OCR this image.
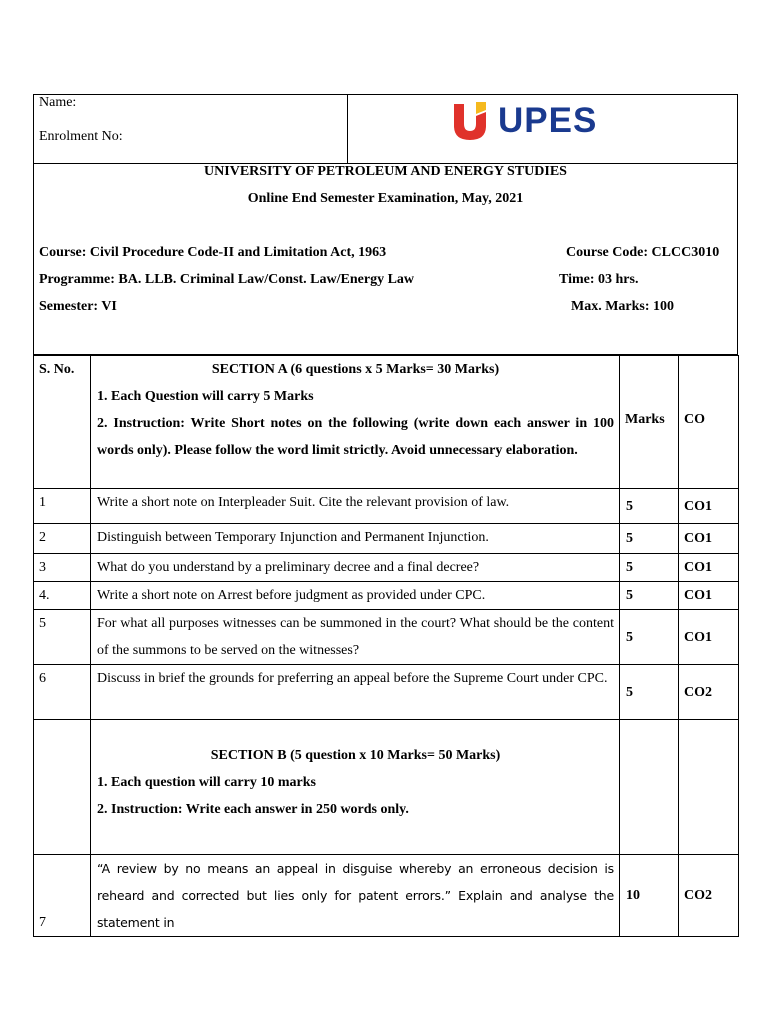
Name:
Enrolment No:	UPES
UNIVERSITY OF PETROLEUM AND ENERGY STUDIES
Online End Semester Examination, May, 2021
Course: Civil Procedure Code-II and Limitation Act, 1963	Course Code: CLCC3010
Programme: BA. LLB. Criminal Law/Const. Law/Energy Law	Time: 03 hrs.
Semester: VI	Max. Marks: 100
S. No.	SECTION A (6 questions x 5 Marks= 30 Marks)
1. Each Question will carry 5 Marks
2. Instruction: Write Short notes on the following (write down each answer in 100 words only). Please follow the word limit strictly. Avoid unnecessary elaboration.	Marks	CO
1	Write a short note on Interpleader Suit. Cite the relevant provision of law.	5	CO1
2	Distinguish between Temporary Injunction and Permanent Injunction.	5	CO1
3	What do you understand by a preliminary decree and a final decree?	5	CO1
4.	Write a short note on Arrest before judgment as provided under CPC.	5	CO1
5	For what all purposes witnesses can be summoned in the court? What should be the content of the summons to be served on the witnesses?	5	CO1
6	Discuss in brief the grounds for preferring an appeal before the Supreme Court under CPC.	5	CO2

	SECTION B (5 question x 10 Marks= 50 Marks)
1. Each question will carry 10 marks
2. Instruction: Write each answer in 250 words only.		

7	“A review by no means an appeal in disguise whereby an erroneous decision is reheard and corrected but lies only for patent errors.” Explain and analyse the statement in	10	CO2
